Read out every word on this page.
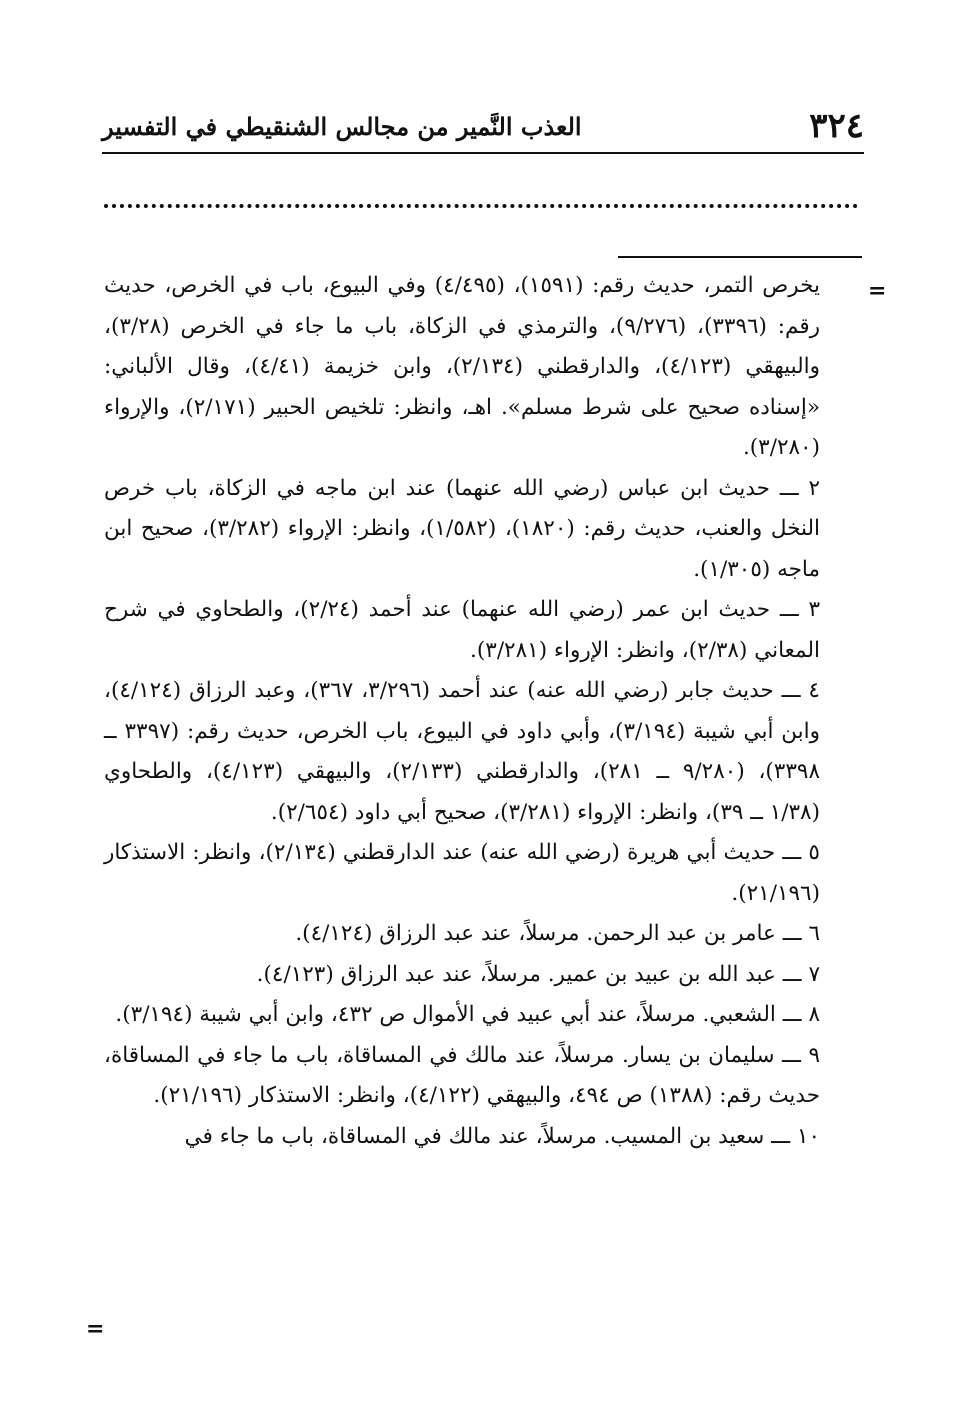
٣٢٤
العذب النَّمير من مجالس الشنقيطي في التفسير
=

يخرص التمر، حديث رقم: (١٥٩١)، (٤/٤٩٥) وفي البيوع، باب في الخرص، حديث رقم: (٣٣٩٦)، (٩/٢٧٦)، والترمذي في الزكاة، باب ما جاء في الخرص (٣/٢٨)، والبيهقي (٤/١٢٣)، والدارقطني (٢/١٣٤)، وابن خزيمة (٤/٤١)، وقال الألباني: «إسناده صحيح على شرط مسلم». اهـ، وانظر: تلخيص الحبير (٢/١٧١)، والإرواء (٣/٢٨٠).

٢ ـــ حديث ابن عباس (رضي الله عنهما) عند ابن ماجه في الزكاة، باب خرص النخل والعنب، حديث رقم: (١٨٢٠)، (١/٥٨٢)، وانظر: الإرواء (٣/٢٨٢)، صحيح ابن ماجه (١/٣٠٥).

٣ ـــ حديث ابن عمر (رضي الله عنهما) عند أحمد (٢/٢٤)، والطحاوي في شرح المعاني (٢/٣٨)، وانظر: الإرواء (٣/٢٨١).

٤ ـــ حديث جابر (رضي الله عنه) عند أحمد (٣/٢٩٦، ٣٦٧)، وعبد الرزاق (٤/١٢٤)، وابن أبي شيبة (٣/١٩٤)، وأبي داود في البيوع، باب الخرص، حديث رقم: (٣٣٩٧ ــ ٣٣٩٨)، (٩/٢٨٠ ــ ٢٨١)، والدارقطني (٢/١٣٣)، والبيهقي (٤/١٢٣)، والطحاوي (١/٣٨ ــ ٣٩)، وانظر: الإرواء (٣/٢٨١)، صحيح أبي داود (٢/٦٥٤).

٥ ـــ حديث أبي هريرة (رضي الله عنه) عند الدارقطني (٢/١٣٤)، وانظر: الاستذكار (٢١/١٩٦).

٦ ـــ عامر بن عبد الرحمن. مرسلاً، عند عبد الرزاق (٤/١٢٤).

٧ ـــ عبد الله بن عبيد بن عمير. مرسلاً، عند عبد الرزاق (٤/١٢٣).

٨ ـــ الشعبي. مرسلاً، عند أبي عبيد في الأموال ص ٤٣٢، وابن أبي شيبة (٣/١٩٤).

٩ ـــ سليمان بن يسار. مرسلاً، عند مالك في المساقاة، باب ما جاء في المساقاة، حديث رقم: (١٣٨٨) ص ٤٩٤، والبيهقي (٤/١٢٢)، وانظر: الاستذكار (٢١/١٩٦).

١٠ ـــ سعيد بن المسيب. مرسلاً، عند مالك في المساقاة، باب ما جاء في

=
